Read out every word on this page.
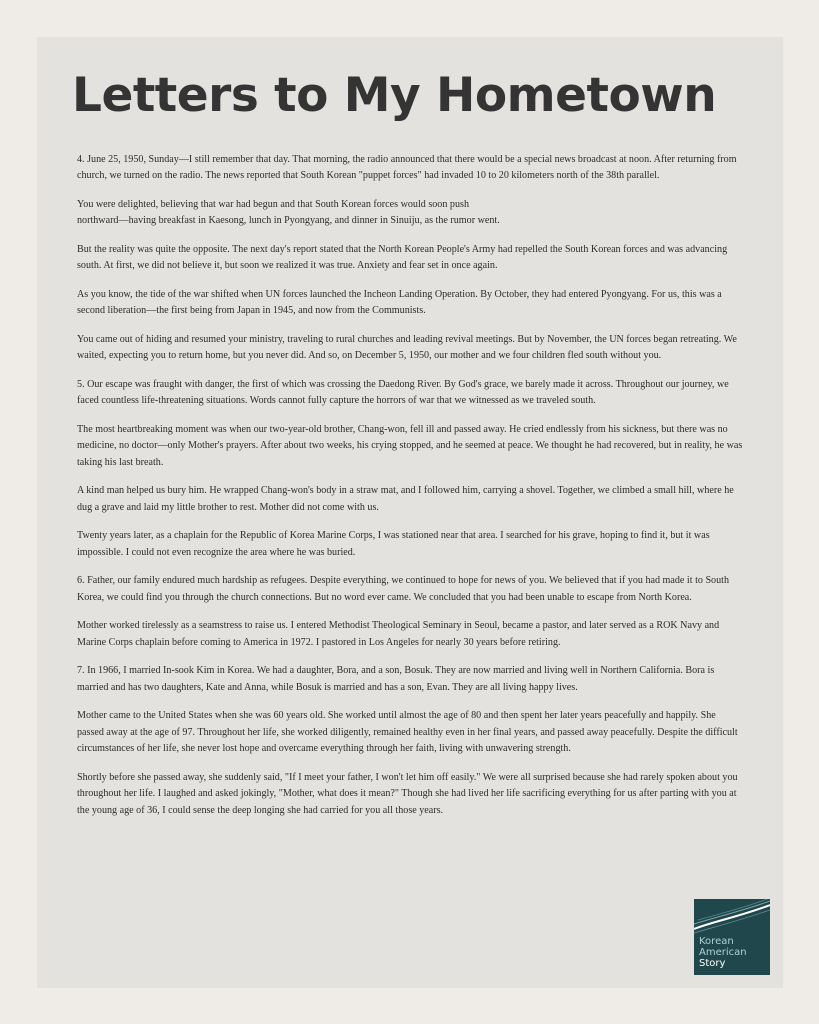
Letters to My Hometown

4. June 25, 1950, Sunday—I still remember that day. That morning, the radio announced that there would be a special news broadcast at noon. After returning from church, we turned on the radio. The news reported that South Korean "puppet forces" had invaded 10 to 20 kilometers north of the 38th parallel.

You were delighted, believing that war had begun and that South Korean forces would soon push
northward—having breakfast in Kaesong, lunch in Pyongyang, and dinner in Sinuiju, as the rumor went.

But the reality was quite the opposite. The next day's report stated that the North Korean People's Army had repelled the South Korean forces and was advancing south. At first, we did not believe it, but soon we realized it was true. Anxiety and fear set in once again.

As you know, the tide of the war shifted when UN forces launched the Incheon Landing Operation. By October, they had entered Pyongyang. For us, this was a second liberation—the first being from Japan in 1945, and now from the Communists.

You came out of hiding and resumed your ministry, traveling to rural churches and leading revival meetings. But by November, the UN forces began retreating. We waited, expecting you to return home, but you never did. And so, on December 5, 1950, our mother and we four children fled south without you.

5. Our escape was fraught with danger, the first of which was crossing the Daedong River. By God's grace, we barely made it across. Throughout our journey, we faced countless life-threatening situations. Words cannot fully capture the horrors of war that we witnessed as we traveled south.

The most heartbreaking moment was when our two-year-old brother, Chang-won, fell ill and passed away. He cried endlessly from his sickness, but there was no medicine, no doctor—only Mother's prayers. After about two weeks, his crying stopped, and he seemed at peace. We thought he had recovered, but in reality, he was taking his last breath.

A kind man helped us bury him. He wrapped Chang-won's body in a straw mat, and I followed him, carrying a shovel. Together, we climbed a small hill, where he dug a grave and laid my little brother to rest. Mother did not come with us.

Twenty years later, as a chaplain for the Republic of Korea Marine Corps, I was stationed near that area. I searched for his grave, hoping to find it, but it was impossible. I could not even recognize the area where he was buried.

6. Father, our family endured much hardship as refugees. Despite everything, we continued to hope for news of you. We believed that if you had made it to South Korea, we could find you through the church connections. But no word ever came. We concluded that you had been unable to escape from North Korea.

Mother worked tirelessly as a seamstress to raise us. I entered Methodist Theological Seminary in Seoul, became a pastor, and later served as a ROK Navy and Marine Corps chaplain before coming to America in 1972. I pastored in Los Angeles for nearly 30 years before retiring.

7. In 1966, I married In-sook Kim in Korea. We had a daughter, Bora, and a son, Bosuk. They are now married and living well in Northern California. Bora is married and has two daughters, Kate and Anna, while Bosuk is married and has a son, Evan. They are all living happy lives.

Mother came to the United States when she was 60 years old. She worked until almost the age of 80 and then spent her later years peacefully and happily. She passed away at the age of 97. Throughout her life, she worked diligently, remained healthy even in her final years, and passed away peacefully. Despite the difficult circumstances of her life, she never lost hope and overcame everything through her faith, living with unwavering strength.

Shortly before she passed away, she suddenly said, "If I meet your father, I won't let him off easily." We were all surprised because she had rarely spoken about you throughout her life. I laughed and asked jokingly, "Mother, what does it mean?" Though she had lived her life sacrificing everything for us after parting with you at the young age of 36, I could sense the deep longing she had carried for you all those years.

Korean
American
Story
